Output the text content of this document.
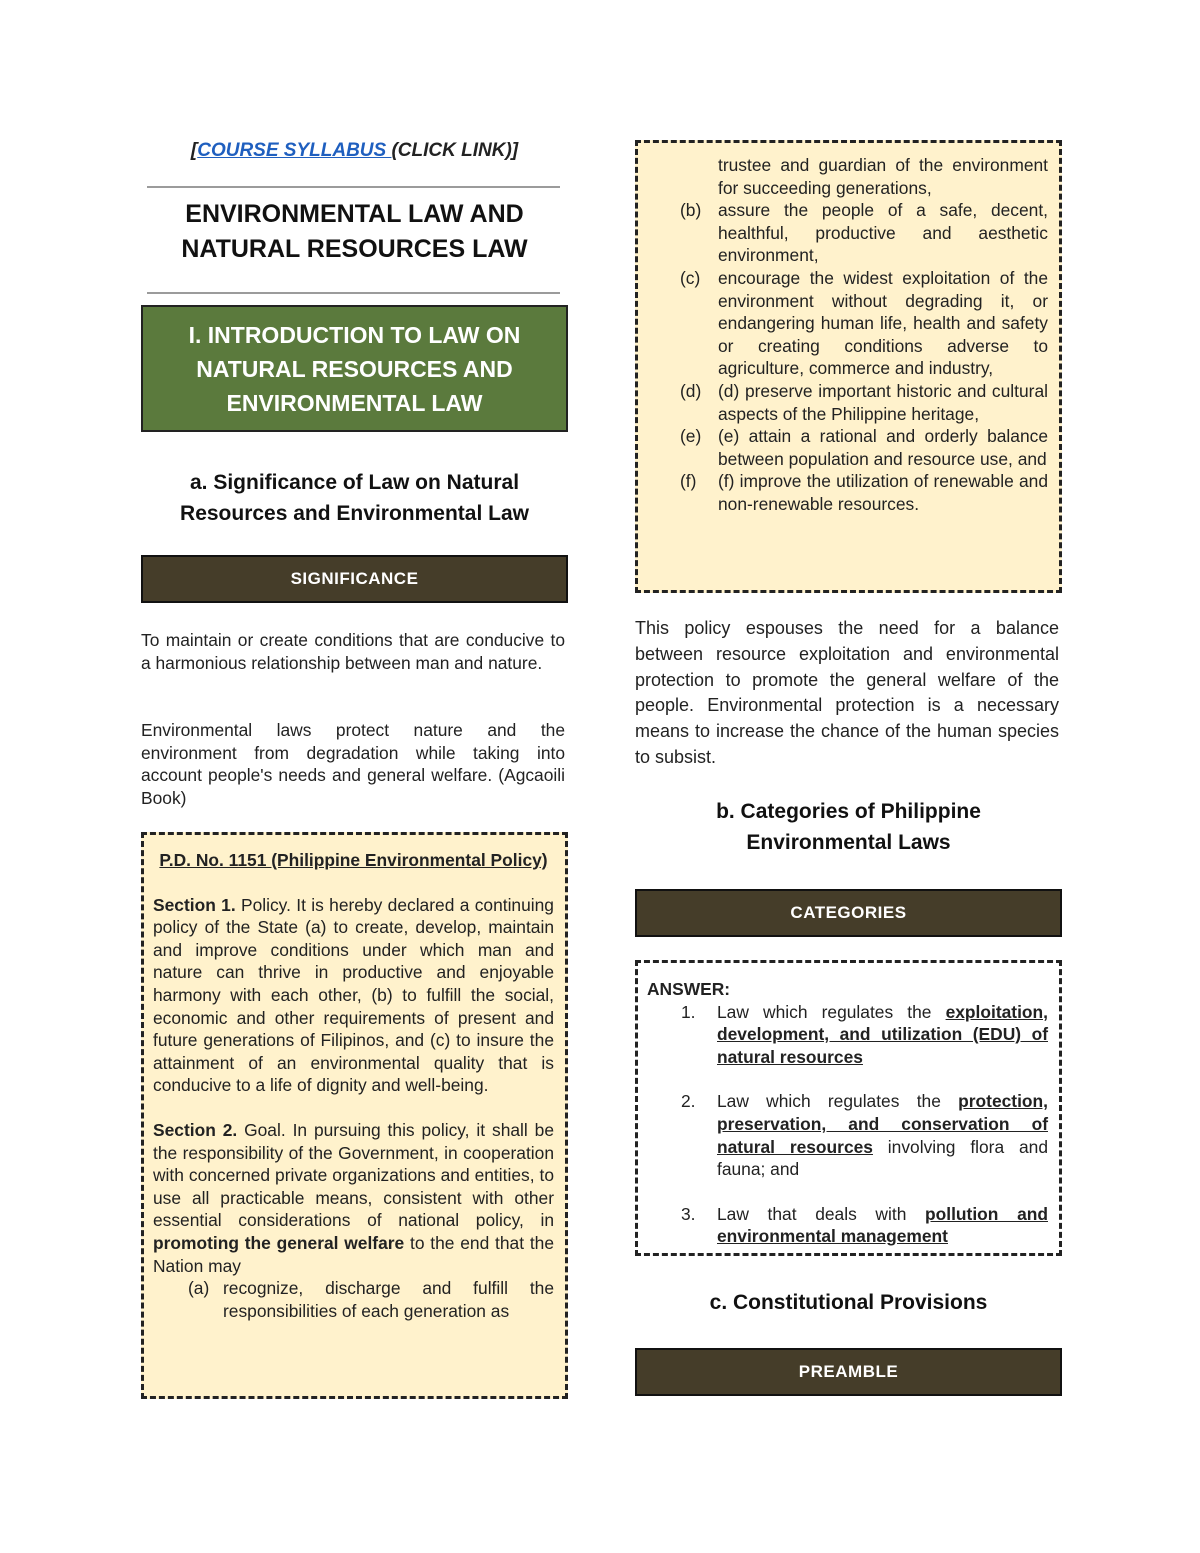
[COURSE SYLLABUS (CLICK LINK)]
ENVIRONMENTAL LAW AND
NATURAL RESOURCES LAW
I. INTRODUCTION TO LAW ON
NATURAL RESOURCES AND
ENVIRONMENTAL LAW
a. Significance of Law on Natural
Resources and Environmental Law
SIGNIFICANCE
To maintain or create conditions that are conducive to a harmonious relationship between man and nature.
Environmental laws protect nature and the environment from degradation while taking into account people's needs and general welfare. (Agcaoili Book)

P.D. No. 1151 (Philippine Environmental Policy)

Section 1. Policy. It is hereby declared a continuing policy of the State (a) to create, develop, maintain and improve conditions under which man and nature can thrive in productive and enjoyable harmony with each other, (b) to fulfill the social, economic and other requirements of present and future generations of Filipinos, and (c) to insure the attainment of an environmental quality that is conducive to a life of dignity and well-being.

Section 2. Goal. In pursuing this policy, it shall be the responsibility of the Government, in cooperation with concerned private organizations and entities, to use all practicable means, consistent with other essential considerations of national policy, in promoting the general welfare to the end that the Nation may

(a) recognize, discharge and fulfill the responsibilities of each generation as

trustee and guardian of the environment for succeeding generations,

(b) assure the people of a safe, decent, healthful, productive and aesthetic environment,
(c)	encourage the widest exploitation of the environment without degrading it, or endangering human life, health and safety or creating conditions adverse to agriculture, commerce and industry,
(d) (d) preserve important historic and cultural aspects of the Philippine heritage,
(e) (e) attain a rational and orderly balance between population and resource use, and
(f)	(f) improve the utilization of renewable and non-renewable resources.
This policy espouses the need for a balance between resource exploitation and environmental protection to promote the general welfare of the people. Environmental protection is a necessary means to increase the chance of the human species to subsist.
b. Categories of Philippine
Environmental Laws
CATEGORIES

ANSWER:

1.	Law which regulates the exploitation, development, and utilization (EDU) of natural resources
2.	Law which regulates the protection, preservation, and conservation of natural resources involving flora and fauna; and
3.	Law that deals with pollution and environmental management
c. Constitutional Provisions
PREAMBLE
